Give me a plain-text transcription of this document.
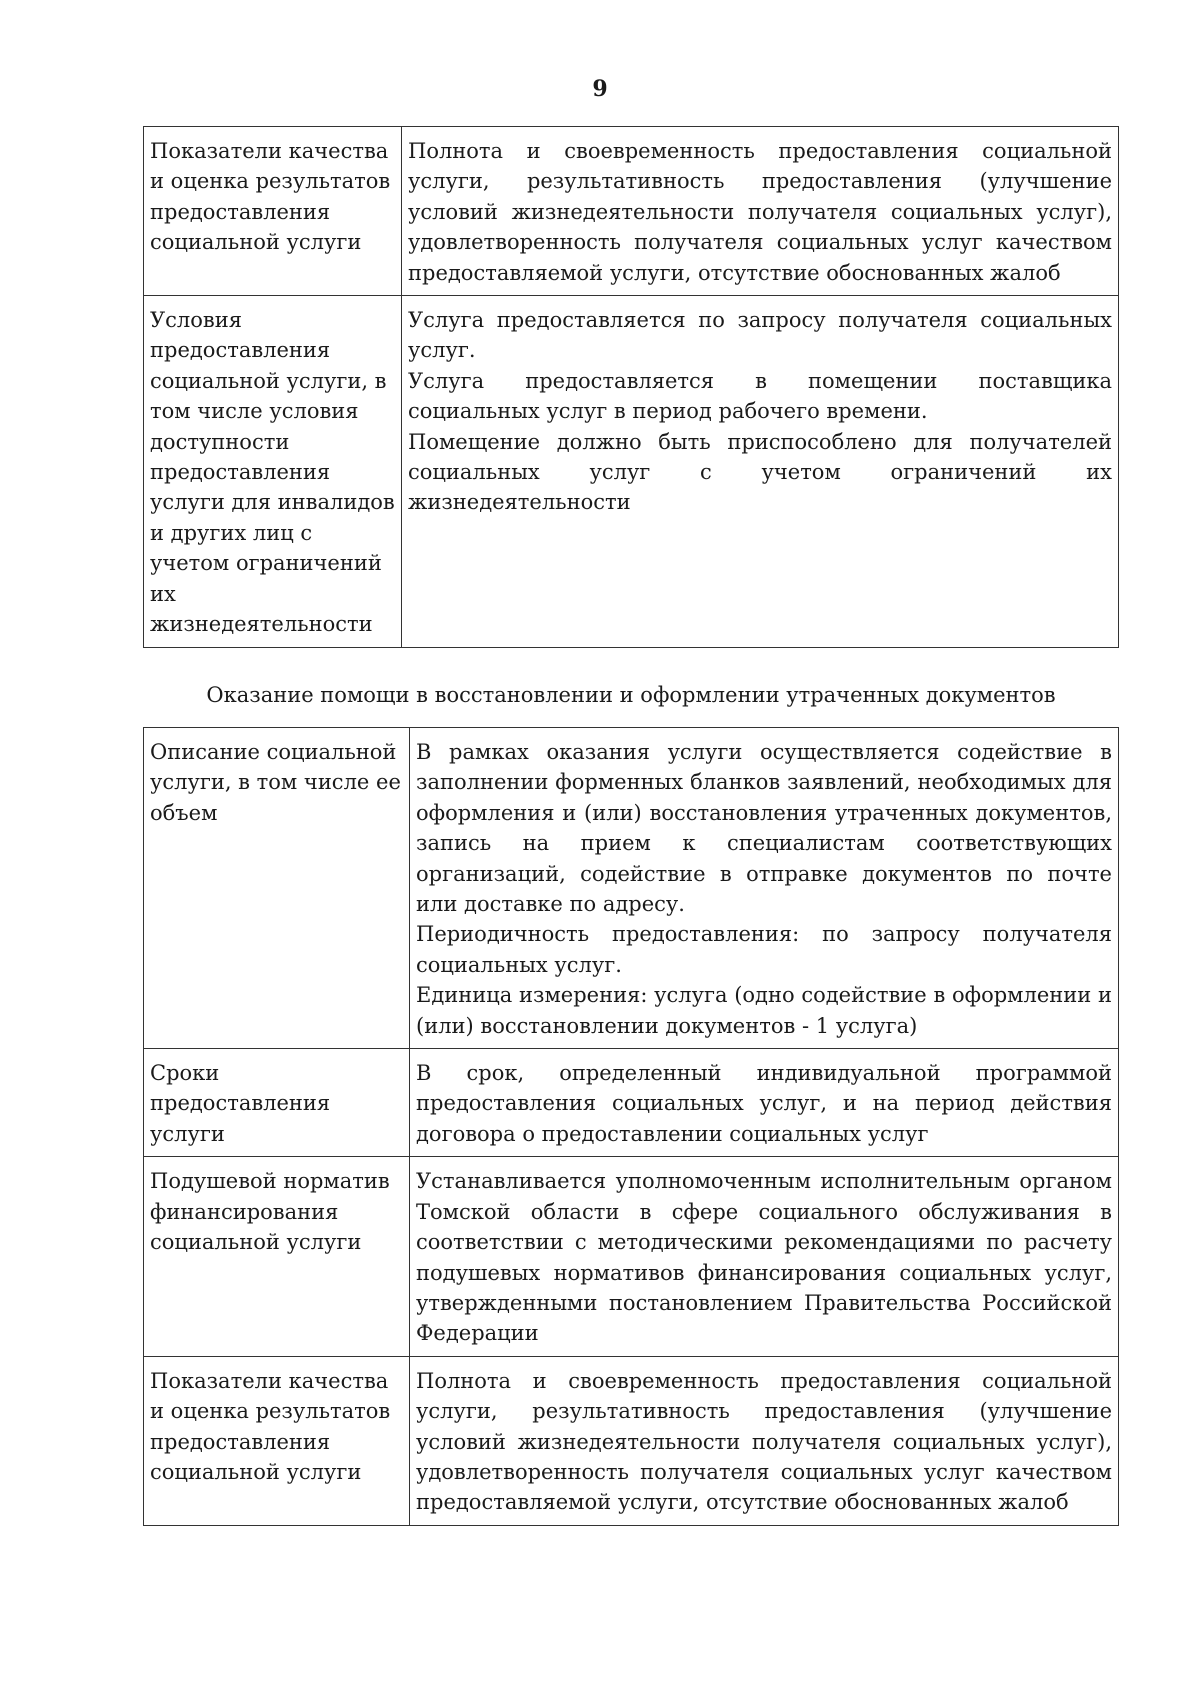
9
Показатели качества и оценка результатов предоставления социальной услуги	Полнота и своевременность предоставления социальной услуги, результативность предоставления (улучшение условий жизнедеятельности получателя социальных услуг), удовлетворенность получателя социальных услуг качеством предоставляемой услуги, отсутствие обоснованных жалоб

Условия предоставления социальной услуги, в том числе условия доступности предоставления услуги для инвалидов и других лиц с учетом ограничений их жизнедеятельности	Услуга предоставляется по запросу получателя социальных услуг.
Услуга предоставляется в помещении поставщика социальных услуг в период рабочего времени.
Помещение должно быть приспособлено для получателей социальных услуг с учетом ограничений их жизнедеятельности
Оказание помощи в восстановлении и оформлении утраченных документов
Описание социальной услуги, в том числе ее объем	В рамках оказания услуги осуществляется содействие в заполнении форменных бланков заявлений, необходимых для оформления и (или) восстановления утраченных документов, запись на прием к специалистам соответствующих организаций, содействие в отправке документов по почте или доставке по адресу.
Периодичность предоставления: по запросу получателя социальных услуг.
Единица измерения: услуга (одно содействие в оформлении и (или) восстановлении документов - 1 услуга)

Сроки предоставления услуги	В срок, определенный индивидуальной программой предоставления социальных услуг, и на период действия договора о предоставлении социальных услуг

Подушевой норматив финансирования социальной услуги	Устанавливается уполномоченным исполнительным органом Томской области в сфере социального обслуживания в соответствии с методическими рекомендациями по расчету подушевых нормативов финансирования социальных услуг, утвержденными постановлением Правительства Российской Федерации

Показатели качества и оценка результатов предоставления социальной услуги	Полнота и своевременность предоставления социальной услуги, результативность предоставления (улучшение условий жизнедеятельности получателя социальных услуг), удовлетворенность получателя социальных услуг качеством предоставляемой услуги, отсутствие обоснованных жалоб
